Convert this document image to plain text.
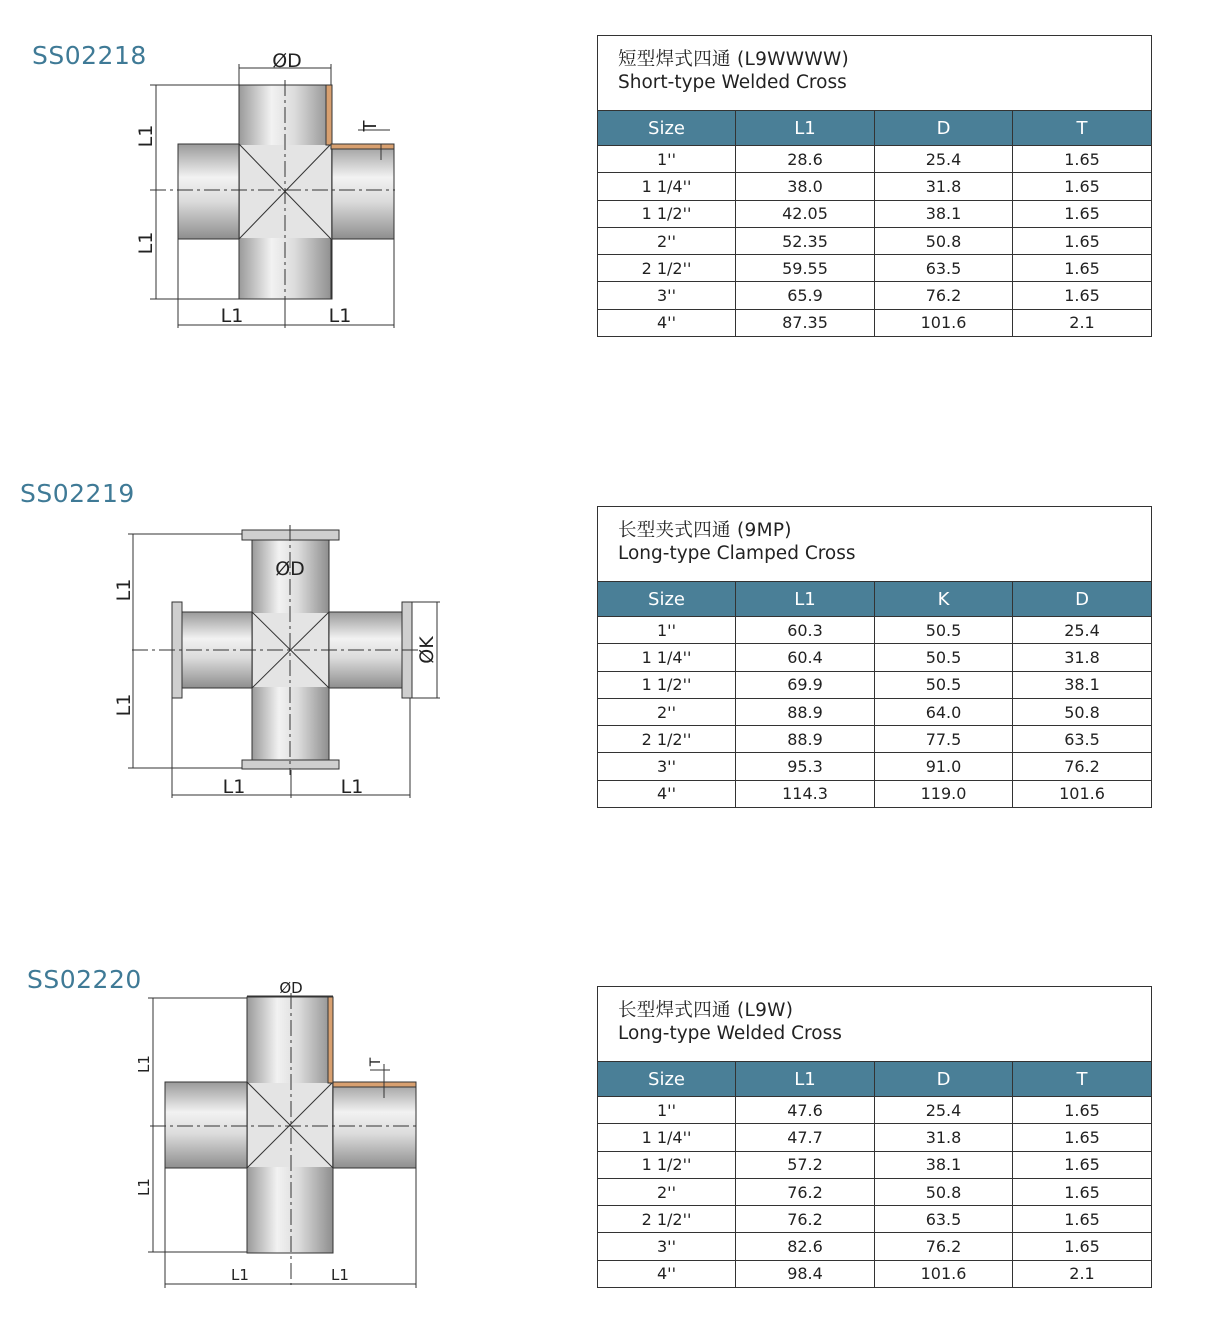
SS02218
SS02219
SS02220
ØD
L1
L1
L1	L1
T
ØD
L1
L1
L1	L1
ØK
ØD
L1
L1
L1	L1
T
短型焊式四通 (L9WWWW)
Short-type Welded Cross
Size	L1	D	T
1''	28.6	25.4	1.65
1 1/4''	38.0	31.8	1.65
1 1/2''	42.05	38.1	1.65
2''	52.35	50.8	1.65
2 1/2''	59.55	63.5	1.65
3''	65.9	76.2	1.65
4''	87.35	101.6	2.1
长型夹式四通 (9MP)
Long-type Clamped Cross
Size	L1	K	D
1''	60.3	50.5	25.4
1 1/4''	60.4	50.5	31.8
1 1/2''	69.9	50.5	38.1
2''	88.9	64.0	50.8
2 1/2''	88.9	77.5	63.5
3''	95.3	91.0	76.2
4''	114.3	119.0	101.6
长型焊式四通 (L9W)
Long-type Welded Cross
Size	L1	D	T
1''	47.6	25.4	1.65
1 1/4''	47.7	31.8	1.65
1 1/2''	57.2	38.1	1.65
2''	76.2	50.8	1.65
2 1/2''	76.2	63.5	1.65
3''	82.6	76.2	1.65
4''	98.4	101.6	2.1
